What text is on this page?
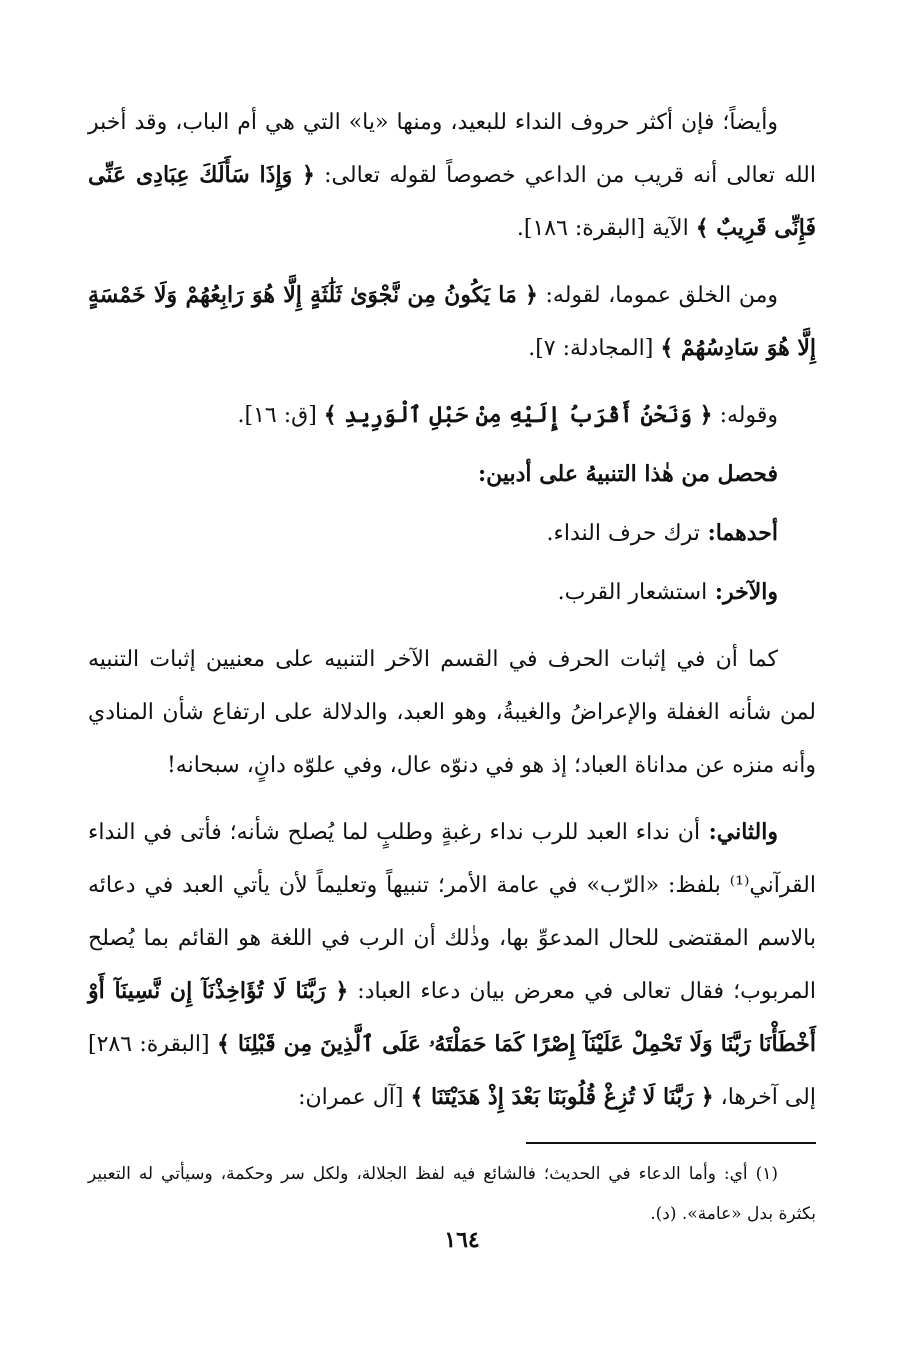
وأيضاً؛ فإن أكثر حروف النداء للبعيد، ومنها «يا» التي هي أم الباب، وقد أخبر الله تعالى أنه قريب من الداعي خصوصاً لقوله تعالى: ﴿ وَإِذَا سَأَلَكَ عِبَادِى عَنِّى فَإِنِّى قَرِيبٌ ﴾ الآية [البقرة: ١٨٦].

ومن الخلق عموما، لقوله: ﴿ مَا يَكُونُ مِن نَّجْوَىٰ ثَلَٰثَةٍ إِلَّا هُوَ رَابِعُهُمْ وَلَا خَمْسَةٍ إِلَّا هُوَ سَادِسُهُمْ ﴾ [المجادلة: ٧].

وقوله: ﴿ وَنَحْنُ أَقْرَبُ إِلَيْهِ مِنْ حَبْلِ ٱلْوَرِيدِ ﴾ [ق: ١٦].

فحصل من هٰذا التنبيهُ على أدبين:

أحدهما: ترك حرف النداء.

والآخر: استشعار القرب.

كما أن في إثبات الحرف في القسم الآخر التنبيه على معنيين إثبات التنبيه لمن شأنه الغفلة والإعراضُ والغيبةُ، وهو العبد، والدلالة على ارتفاع شأن المنادي وأنه منزه عن مداناة العباد؛ إذ هو في دنوّه عال، وفي علوّه دانٍ، سبحانه!

والثاني: أن نداء العبد للرب نداء رغبةٍ وطلبٍ لما يُصلح شأنه؛ فأتى في النداء القرآني⁽¹⁾ بلفظ: «الرّب» في عامة الأمر؛ تنبيهاً وتعليماً لأن يأتي العبد في دعائه بالاسم المقتضى للحال المدعوِّ بها، وذٰلك أن الرب في اللغة هو القائم بما يُصلح المربوب؛ فقال تعالى في معرض بيان دعاء العباد: ﴿ رَبَّنَا لَا تُؤَاخِذْنَآ إِن نَّسِينَآ أَوْ أَخْطَأْنَا رَبَّنَا وَلَا تَحْمِلْ عَلَيْنَآ إِصْرًا كَمَا حَمَلْتَهُۥ عَلَى ٱلَّذِينَ مِن قَبْلِنَا ﴾ [البقرة: ٢٨٦] إلى آخرها، ﴿ رَبَّنَا لَا تُزِغْ قُلُوبَنَا بَعْدَ إِذْ هَدَيْتَنَا ﴾ [آل عمران:

(١) أي: وأما الدعاء في الحديث؛ فالشائع فيه لفظ الجلالة، ولكل سر وحكمة، وسيأتي له التعبير بكثرة بدل «عامة». (د).

١٦٤
